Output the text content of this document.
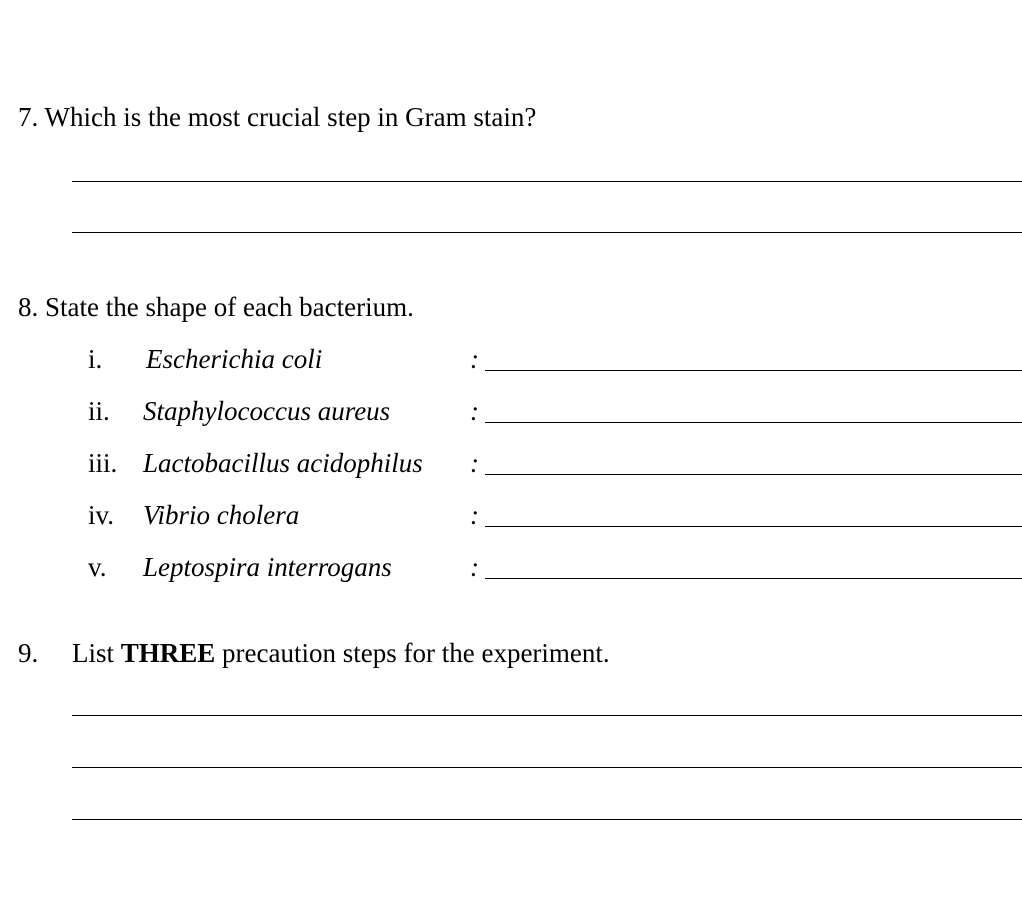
7. Which is the most crucial step in Gram stain?
8. State the shape of each bacterium.
i. Escherichia coli	:
ii. Staphylococcus aureus	:
iii. Lactobacillus acidophilus :
iv. Vibrio cholera	:
v. Leptospira interrogans	:
9. List THREE precaution steps for the experiment.
